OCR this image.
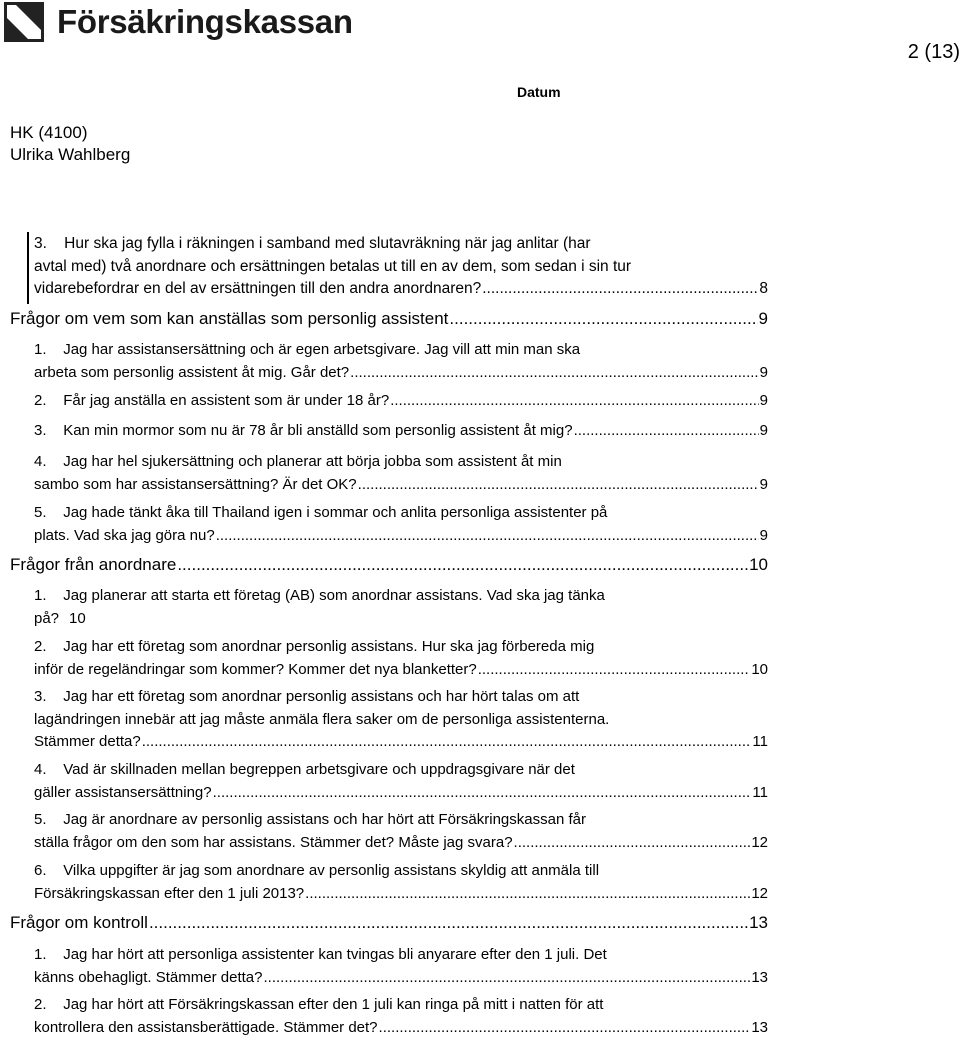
Försäkringskassan
2 (13)
Datum
HK (4100)
Ulrika Wahlberg
3. Hur ska jag fylla i räkningen i samband med slutavräkning när jag anlitar (har
avtal med) två anordnare och ersättningen betalas ut till en av dem, som sedan i sin tur
vidarebefordrar en del av ersättningen till den andra anordnaren? .....	8
Frågor om vem som kan anställas som personlig assistent .....	9
1. Jag har assistansersättning och är egen arbetsgivare. Jag vill att min man ska
arbeta som personlig assistent åt mig. Går det? .....	9
2.
Får jag anställa en assistent som är under 18 år? .....	9
3.
Kan min mormor som nu är 78 år bli anställd som personlig assistent åt mig? .....	9
4. Jag har hel sjukersättning och planerar att börja jobba som assistent åt min
sambo som har assistansersättning? Är det OK? .....	9
5. Jag hade tänkt åka till Thailand igen i sommar och anlita personliga assistenter på
plats. Vad ska jag göra nu? .....	9
Frågor från anordnare .....	10
1. Jag planerar att starta ett företag (AB) som anordnar assistans. Vad ska jag tänka
på? 10
2. Jag har ett företag som anordnar personlig assistans. Hur ska jag förbereda mig
inför de regeländringar som kommer? Kommer det nya blanketter? .....	10
3. Jag har ett företag som anordnar personlig assistans och har hört talas om att
lagändringen innebär att jag måste anmäla flera saker om de personliga assistenterna.
Stämmer detta? .....	11
4. Vad är skillnaden mellan begreppen arbetsgivare och uppdragsgivare när det
gäller assistansersättning? .....	11
5. Jag är anordnare av personlig assistans och har hört att Försäkringskassan får
ställa frågor om den som har assistans. Stämmer det? Måste jag svara? .....	12
6. Vilka uppgifter är jag som anordnare av personlig assistans skyldig att anmäla till
Försäkringskassan efter den 1 juli 2013? .....	12
Frågor om kontroll .....	13
1. Jag har hört att personliga assistenter kan tvingas bli anyarare efter den 1 juli. Det
känns obehagligt. Stämmer detta? .....	13
2. Jag har hört att Försäkringskassan efter den 1 juli kan ringa på mitt i natten för att
kontrollera den assistansberättigade. Stämmer det? .....	13
